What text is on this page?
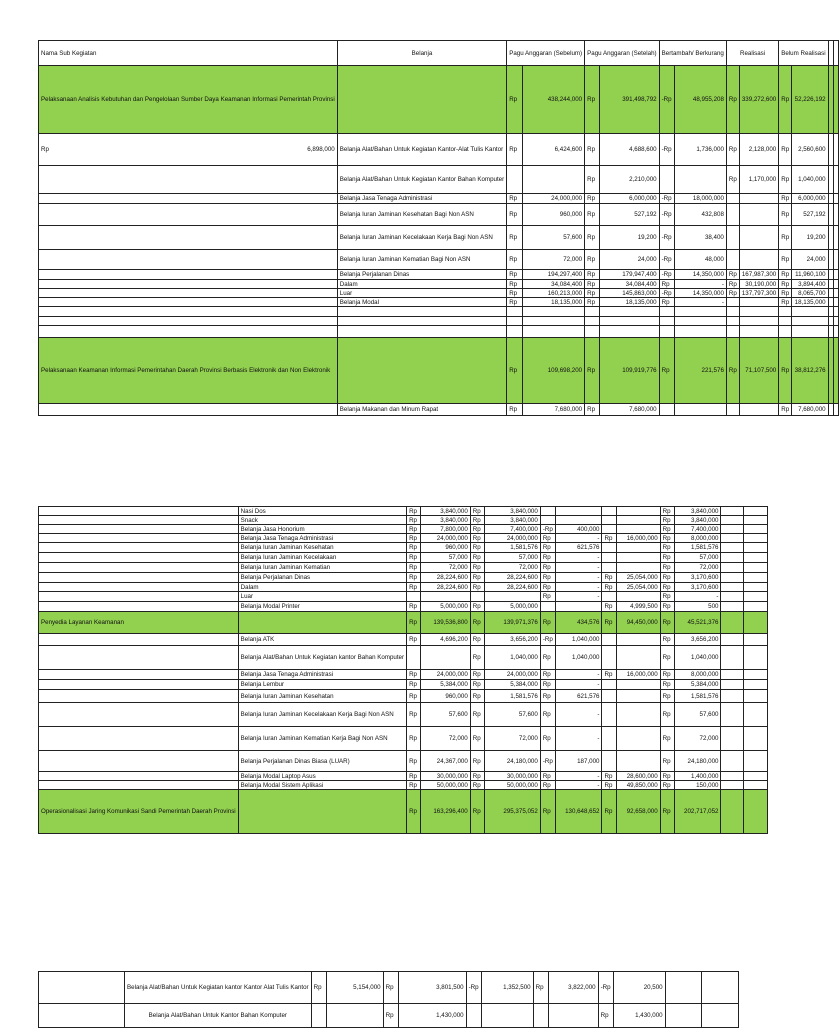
Nama Sub Kegiatan	Belanja	Pagu Anggaran (Sebelum)		Pagu Anggaran (Setelah)		Bertambah/ Berkurang		Realisasi		Belum Realisasi			
Pelaksanaan Analisis Kebutuhan dan Pengelolaan Sumber Daya Keamanan Informasi Pemerintah Provinsi		Rp	438,244,000	Rp	391,498,792	-Rp	48,955,208	Rp	339,272,600	Rp	52,226,192		

Rp 6,898,000	Belanja Alat/Bahan Untuk Kegiatan Kantor-Alat Tulis Kantor	Rp	6,424,600	Rp	4,688,600	-Rp	1,736,000	Rp	2,128,000	Rp	2,560,600		
	Belanja Alat/Bahan Untuk Kegiatan Kantor Bahan Komputer			Rp	2,210,000			Rp	1,170,000	Rp	1,040,000		
	Belanja Jasa Tenaga Administrasi	Rp	24,000,000	Rp	6,000,000	-Rp	18,000,000			Rp	6,000,000		
	Belanja Iuran Jaminan Kesehatan Bagi Non ASN	Rp	960,000	Rp	527,192	-Rp	432,808			Rp	527,192		
	Belanja Iuran Jaminan Kecelakaan Kerja Bagi Non ASN	Rp	57,600	Rp	19,200	-Rp	38,400			Rp	19,200		
	Belanja Iuran Jaminan Kematian Bagi Non ASN	Rp	72,000	Rp	24,000	-Rp	48,000			Rp	24,000		
	Belanja Perjalanan Dinas	Rp	194,297,400	Rp	179,947,400	-Rp	14,350,000	Rp	167,987,300	Rp	11,960,100		
	Dalam	Rp	34,084,400	Rp	34,084,400	Rp	-	Rp	30,190,000	Rp	3,894,400		
	Luar	Rp	160,213,000	Rp	145,863,000	-Rp	14,350,000	Rp	137,797,300	Rp	8,065,700		
	Belanja Modal	Rp	18,135,000	Rp	18,135,000	Rp	-			Rp	18,135,000		

Pelaksanaan Keamanan Informasi Pemerintahan Daerah Provinsi Berbasis Elektronik dan Non Elektronik		Rp	109,698,200	Rp	109,919,776	Rp	221,576	Rp	71,107,500	Rp	38,812,276		
	Belanja Makanan dan Minum Rapat	Rp	7,680,000	Rp	7,680,000					Rp	7,680,000		
	Nasi Dos	Rp	3,840,000	Rp	3,840,000					Rp	3,840,000		
	Snack	Rp	3,840,000	Rp	3,840,000					Rp	3,840,000		
	Belanja Jasa Honorium	Rp	7,800,000	Rp	7,400,000	-Rp	400,000			Rp	7,400,000		
	Belanja Jasa Tenaga Administrasi	Rp	24,000,000	Rp	24,000,000	Rp	-	Rp	16,000,000	Rp	8,000,000		
	Belanja Iuran Jaminan Kesehatan	Rp	960,000	Rp	1,581,576	Rp	621,576			Rp	1,581,576		
	Belanja Iuran Jaminan Kecelakaan	Rp	57,000	Rp	57,000	Rp	-			Rp	57,000		
	Belanja Iuran Jaminan Kematian	Rp	72,000	Rp	72,000	Rp	-			Rp	72,000		
	Belanja Perjalanan Dinas	Rp	28,224,600	Rp	28,224,600	Rp	-	Rp	25,054,000	Rp	3,170,600		
	Dalam	Rp	28,224,600	Rp	28,224,600	Rp	-	Rp	25,054,000	Rp	3,170,600		
	Luar					Rp	-			Rp	-		
	Belanja Modal Printer	Rp	5,000,000	Rp	5,000,000			Rp	4,999,500	Rp	500		
Penyedia Layanan Keamanan		Rp	139,536,800	Rp	139,971,376	Rp	434,576	Rp	94,450,000	Rp	45,521,376		
	Belanja ATK	Rp	4,696,200	Rp	3,656,200	-Rp	1,040,000			Rp	3,656,200		
	Belanja Alat/Bahan Untuk Kegiatan kantor Bahan Komputer			Rp	1,040,000	Rp	1,040,000			Rp	1,040,000		
	Belanja Jasa Tenaga Administrasi	Rp	24,000,000	Rp	24,000,000	Rp	-	Rp	16,000,000	Rp	8,000,000		
	Belanja Lembur	Rp	5,384,000	Rp	5,384,000	Rp	-			Rp	5,384,000		
	Belanja Iuran Jaminan Kesehatan	Rp	960,000	Rp	1,581,576	Rp	621,576			Rp	1,581,576		
	Belanja Iuran Jaminan Kecelakaan Kerja Bagi Non ASN	Rp	57,600	Rp	57,600	Rp	-			Rp	57,600		
	Belanja Iuran Jaminan Kematian Kerja Bagi Non ASN	Rp	72,000	Rp	72,000	Rp	-			Rp	72,000		
	Belanja Perjalanan Dinas Biasa (LUAR)	Rp	24,367,000	Rp	24,180,000	-Rp	187,000			Rp	24,180,000		
	Belanja Modal Laptop Asus	Rp	30,000,000	Rp	30,000,000	Rp	-	Rp	28,600,000	Rp	1,400,000		
	Belanja Modal Sistem Aplikasi	Rp	50,000,000	Rp	50,000,000	Rp	-	Rp	49,850,000	Rp	150,000		
Operasionalisasi Jaring Komunikasi Sandi Pemerintah Daerah Provinsi		Rp	163,296,400	Rp	295,375,052	Rp	130,648,652	Rp	92,658,000	Rp	202,717,052		
	Belanja Alat/Bahan Untuk Kegiatan kantor Kantor Alat Tulis Kantor	Rp	5,154,000	Rp	3,801,500	-Rp	1,352,500	Rp	3,822,000	-Rp	20,500		
	Belanja Alat/Bahan Untuk Kantor Bahan Komputer			Rp	1,430,000					Rp	1,430,000		
